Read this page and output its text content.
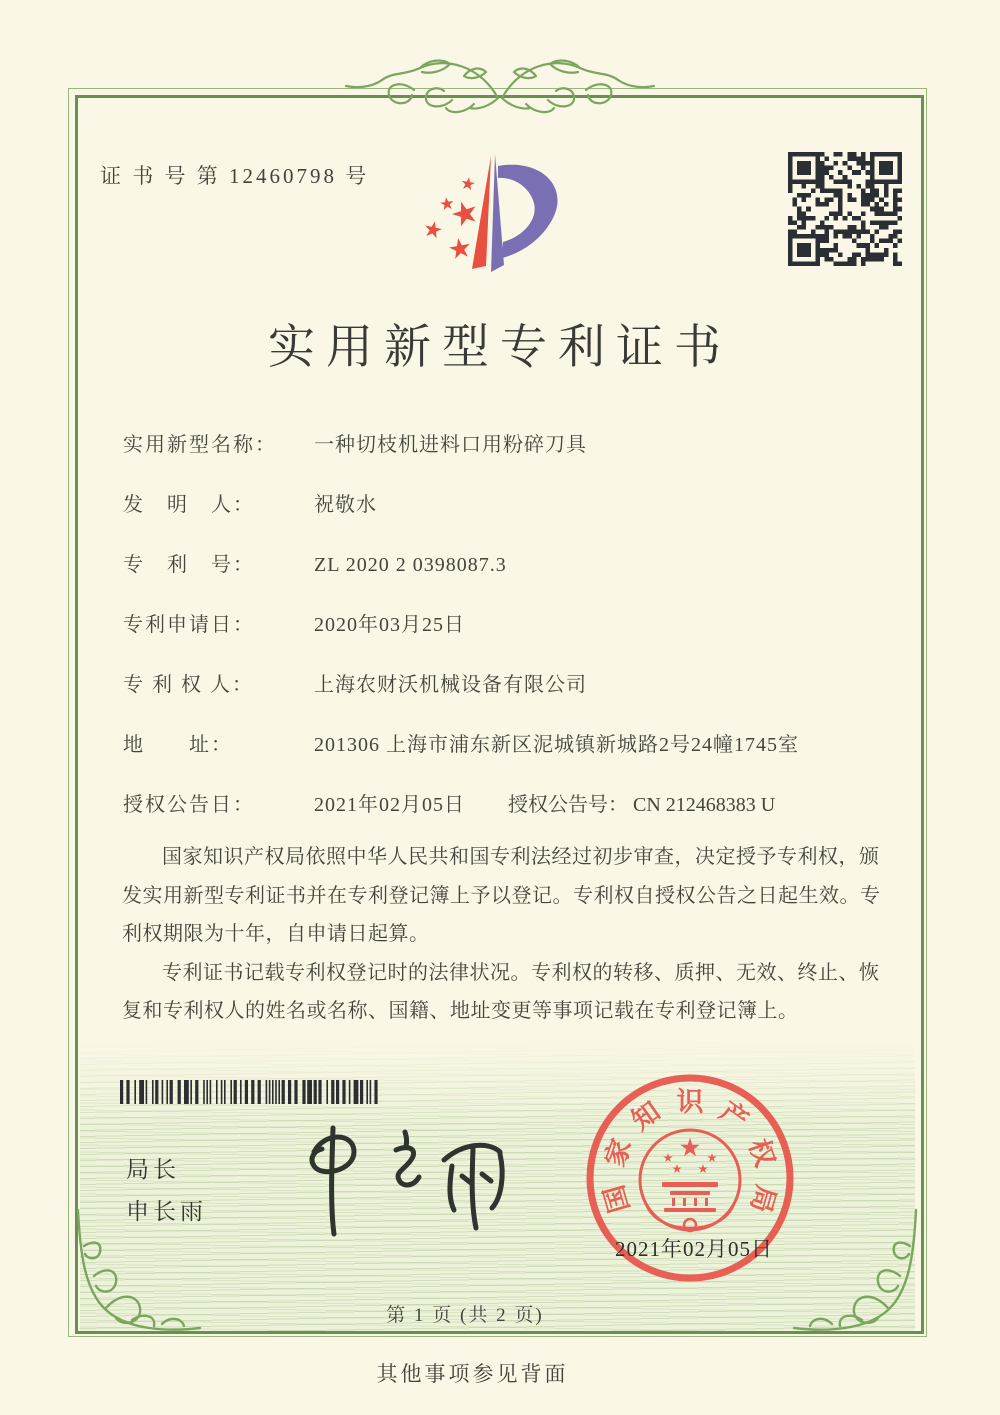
证 书 号 第 12460798 号
实用新型专利证书
实用新型名称： 一种切枝机进料口用粉碎刀具
发　明　人：	祝敬水
专　利　号：	ZL 2020 2 0398087.3
专利申请日：	2020年03月25日
专 利 权 人：	上海农财沃机械设备有限公司
地　　址：	201306 上海市浦东新区泥城镇新城路2号24幢1745室
授权公告日：	2021年02月05日 授权公告号： CN 212468383 U

国家知识产权局依照中华人民共和国专利法经过初步审查，决定授予专利权，颁发实用新型专利证书并在专利登记簿上予以登记。专利权自授权公告之日起生效。专利权期限为十年，自申请日起算。

专利证书记载专利权登记时的法律状况。专利权的转移、质押、无效、终止、恢复和专利权人的姓名或名称、国籍、地址变更等事项记载在专利登记簿上。

局长
申长雨	国
家
知 识 产
权
局
2021年02月05日
第 1 页 (共 2 页)
其他事项参见背面
